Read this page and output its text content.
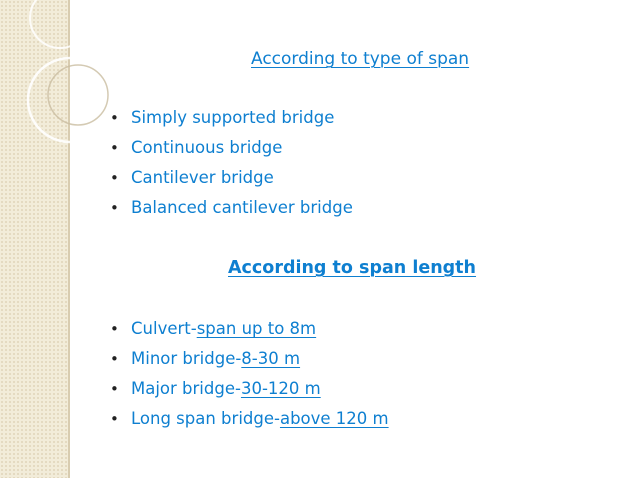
According to type of span
• Simply supported bridge
• Continuous bridge
• Cantilever bridge
• Balanced cantilever bridge
According to span length
• Culvert-span up to 8m
• Minor bridge-8-30 m
• Major bridge-30-120 m
• Long span bridge-above 120 m
